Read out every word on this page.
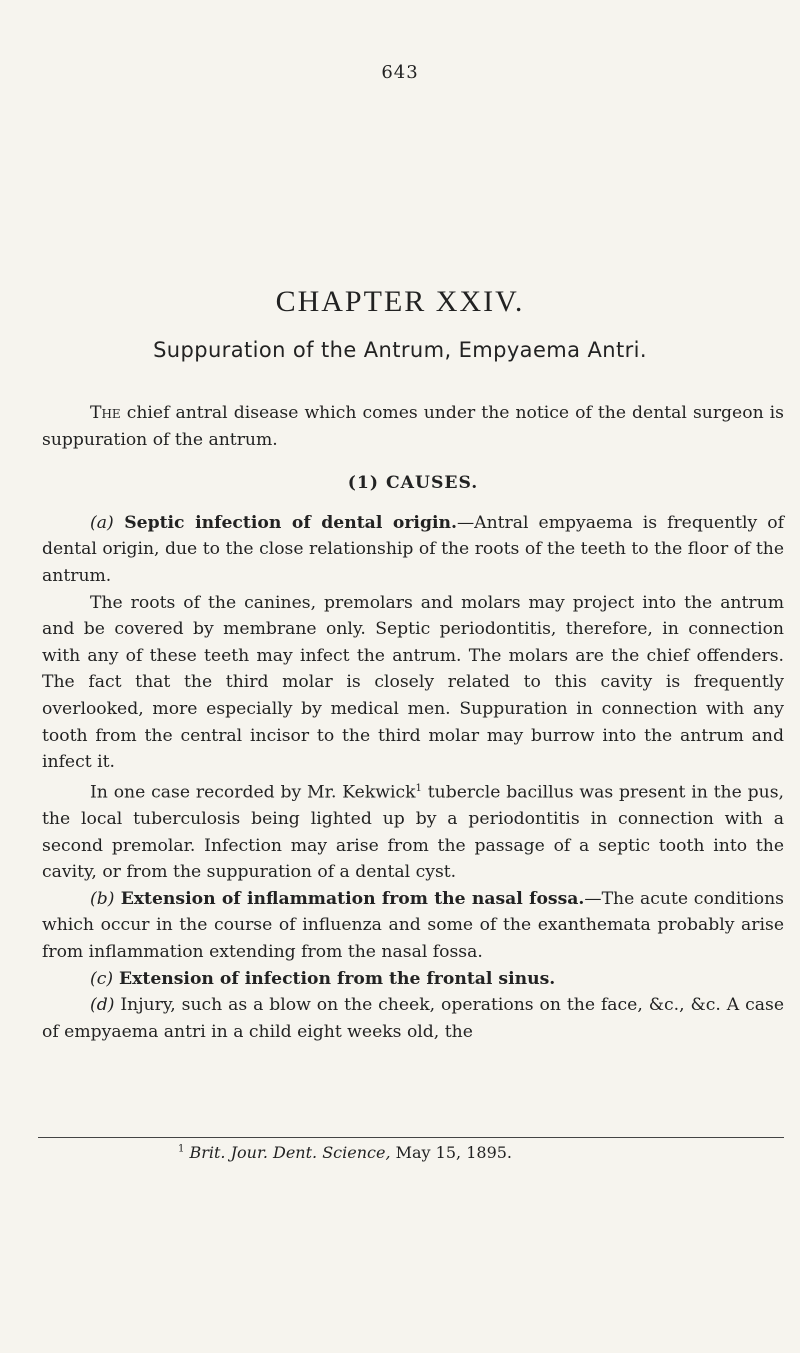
643
CHAPTER XXIV.
Suppuration of the Antrum, Empyaema Antri.

The chief antral disease which comes under the notice of the dental surgeon is suppuration of the antrum.

(1) CAUSES.

(a) Septic infection of dental origin.—Antral empyaema is frequently of dental origin, due to the close relationship of the roots of the teeth to the floor of the antrum.

The roots of the canines, premolars and molars may project into the antrum and be covered by membrane only. Septic periodontitis, therefore, in connection with any of these teeth may infect the antrum. The molars are the chief offenders. The fact that the third molar is closely related to this cavity is frequently overlooked, more especially by medical men. Suppuration in connection with any tooth from the central incisor to the third molar may burrow into the antrum and infect it.

In one case recorded by Mr. Kekwick$^1$ tubercle bacillus was present in the pus, the local tuberculosis being lighted up by a periodontitis in connection with a second premolar. Infection may arise from the passage of a septic tooth into the cavity, or from the suppuration of a dental cyst.

(b) Extension of inflammation from the nasal fossa.—The acute conditions which occur in the course of influenza and some of the exanthemata probably arise from inflammation extending from the nasal fossa.

(c) Extension of infection from the frontal sinus.

(d) Injury, such as a blow on the cheek, operations on the face, &c., &c. A case of empyaema antri in a child eight weeks old, the

$^1$ Brit. Jour. Dent. Science, May 15, 1895.
